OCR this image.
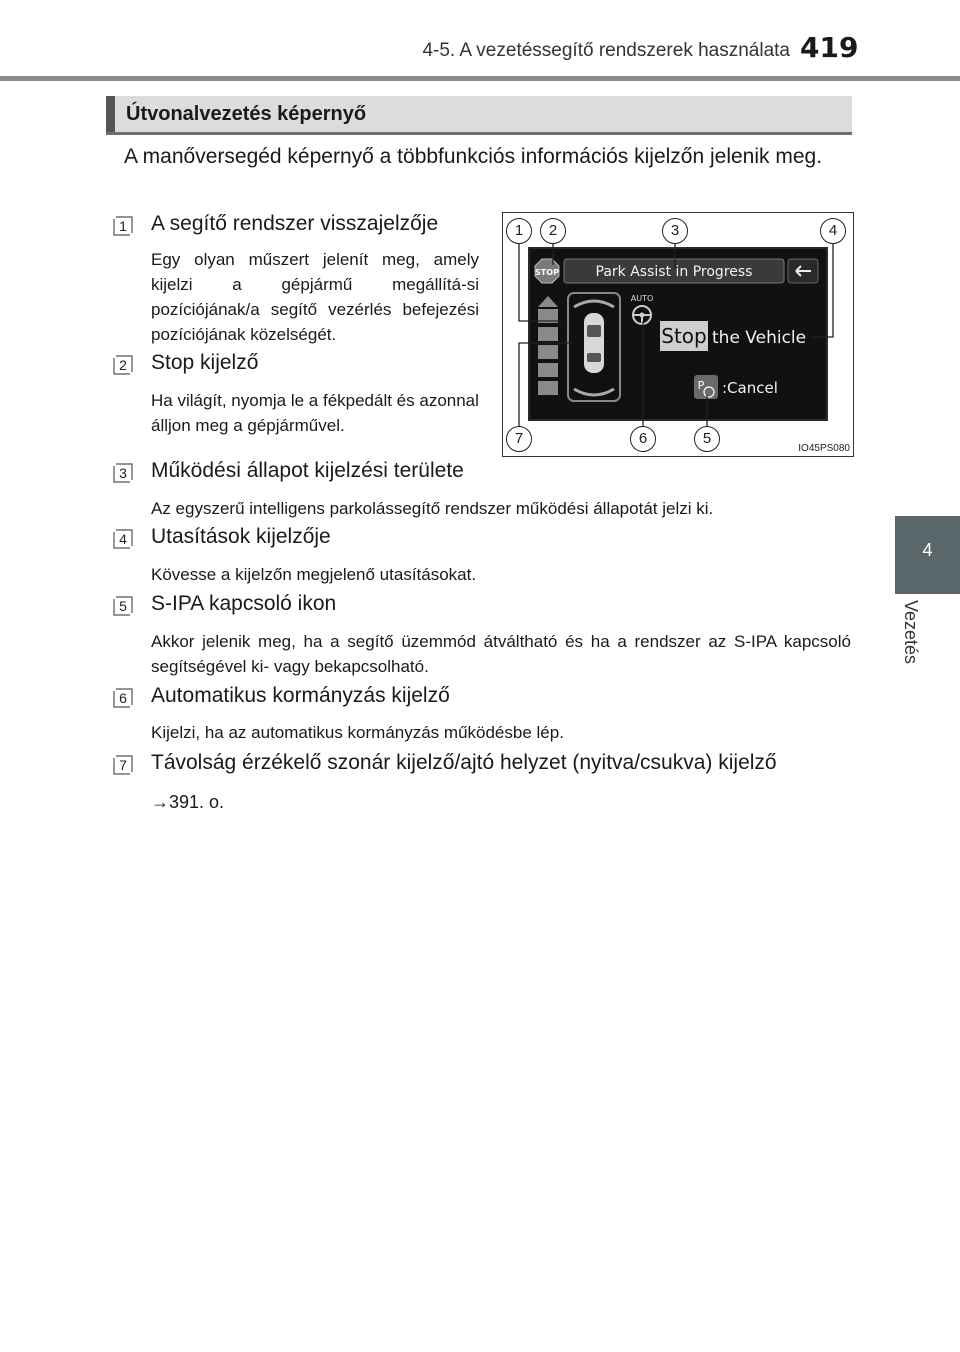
4-5. A vezetéssegítő rendszerek használata 419
4
Vezetés
Útvonalvezetés képernyő
A manőversegéd képernyő a többfunkciós információs kijelzőn jelenik meg.
1 A segítő rendszer visszajelzője
Egy olyan műszert jelenít meg, amely kijelzi a gépjármű megállítá-si pozíciójának/a segítő vezérlés befejezési pozíciójának közelségét.
2 Stop kijelző
Ha világít, nyomja le a fékpedált és azonnal álljon meg a gépjárművel.
3 Működési állapot kijelzési területe
Az egyszerű intelligens parkolássegítő rendszer működési állapotát jelzi ki.
4 Utasítások kijelzője
Kövesse a kijelzőn megjelenő utasításokat.
5 S-IPA kapcsoló ikon
Akkor jelenik meg, ha a segítő üzemmód átváltható és ha a rendszer az S-IPA kapcsoló segítségével ki- vagy bekapcsolható.
6 Automatikus kormányzás kijelző
Kijelzi, ha az automatikus kormányzás működésbe lép.
7 Távolság érzékelő szonár kijelző/ajtó helyzet (nyitva/csukva) kijelző
→391. o.
Park Assist in Progress
STOP
AUTO
Stop the Vehicle
P :Cancel
1	2	3	4
7	6	5
IO45PS080
